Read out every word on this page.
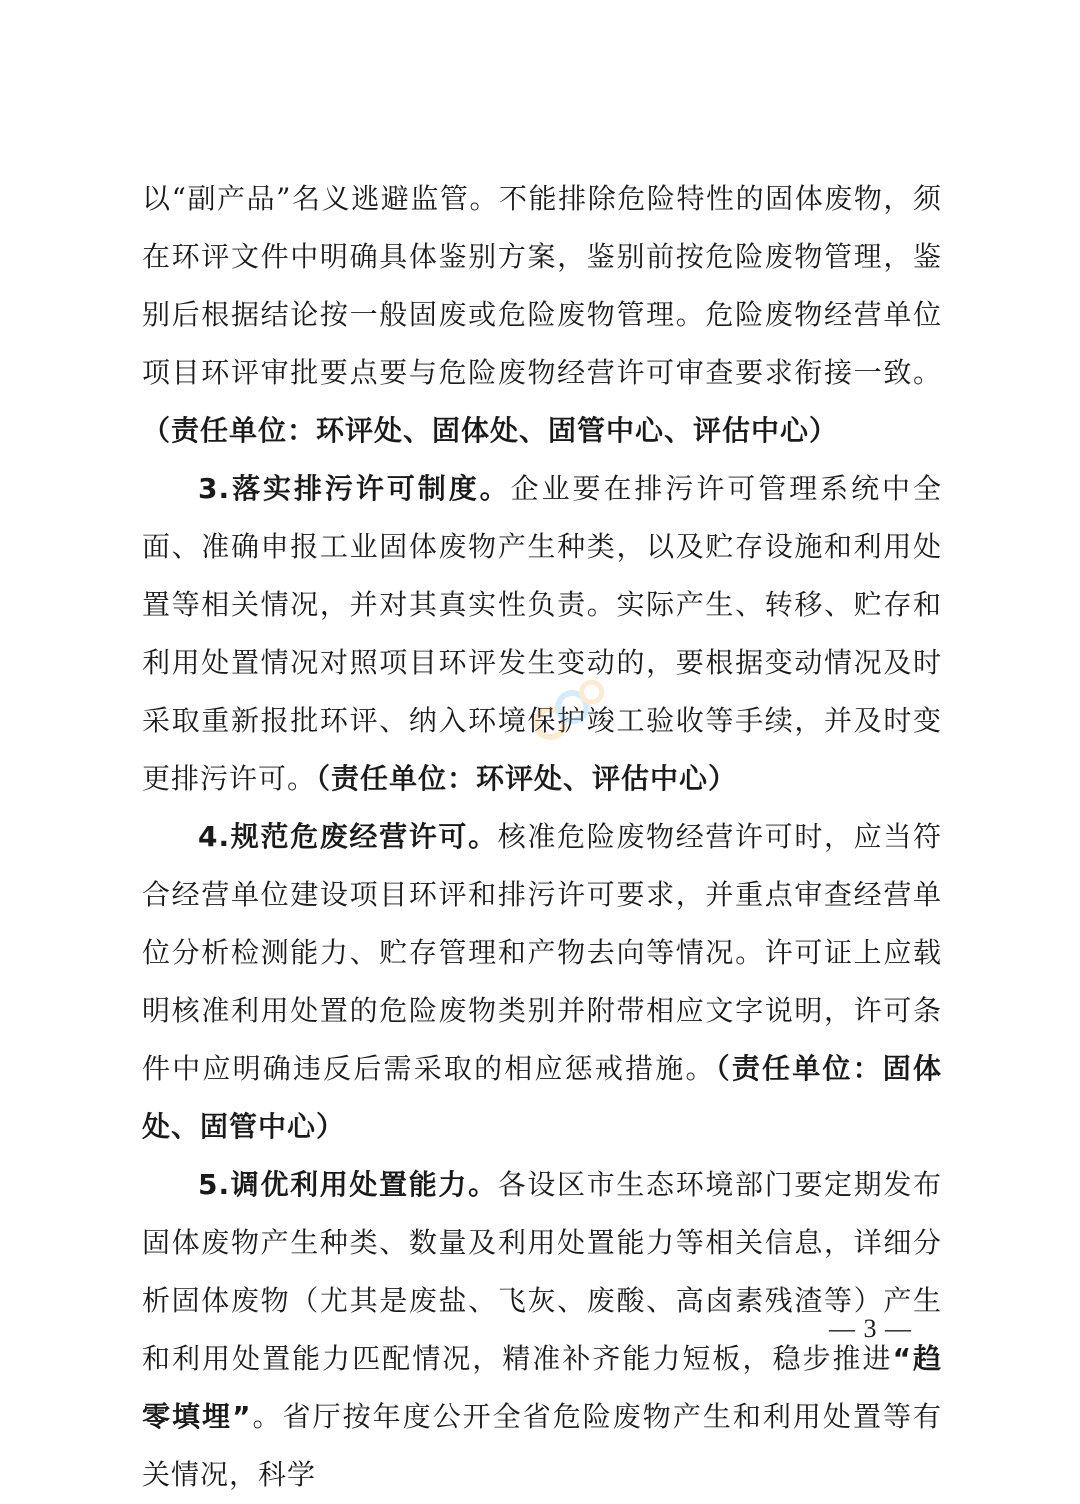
以“副产品”名义逃避监管。不能排除危险特性的固体废物，须在环评文件中明确具体鉴别方案，鉴别前按危险废物管理，鉴别后根据结论按一般固废或危险废物管理。危险废物经营单位项目环评审批要点要与危险废物经营许可审查要求衔接一致。（责任单位：环评处、固体处、固管中心、评估中心）

3.落实排污许可制度。企业要在排污许可管理系统中全面、准确申报工业固体废物产生种类，以及贮存设施和利用处置等相关情况，并对其真实性负责。实际产生、转移、贮存和利用处置情况对照项目环评发生变动的，要根据变动情况及时采取重新报批环评、纳入环境保护竣工验收等手续，并及时变更排污许可。（责任单位：环评处、评估中心）

4.规范危废经营许可。核准危险废物经营许可时，应当符合经营单位建设项目环评和排污许可要求，并重点审查经营单位分析检测能力、贮存管理和产物去向等情况。许可证上应载明核准利用处置的危险废物类别并附带相应文字说明，许可条件中应明确违反后需采取的相应惩戒措施。（责任单位：固体处、固管中心）

5.调优利用处置能力。各设区市生态环境部门要定期发布固体废物产生种类、数量及利用处置能力等相关信息，详细分析固体废物（尤其是废盐、飞灰、废酸、高卤素残渣等）产生和利用处置能力匹配情况，精准补齐能力短板，稳步推进“趋零填埋”。省厅按年度公开全省危险废物产生和利用处置等有关情况，科学

— 3 —
